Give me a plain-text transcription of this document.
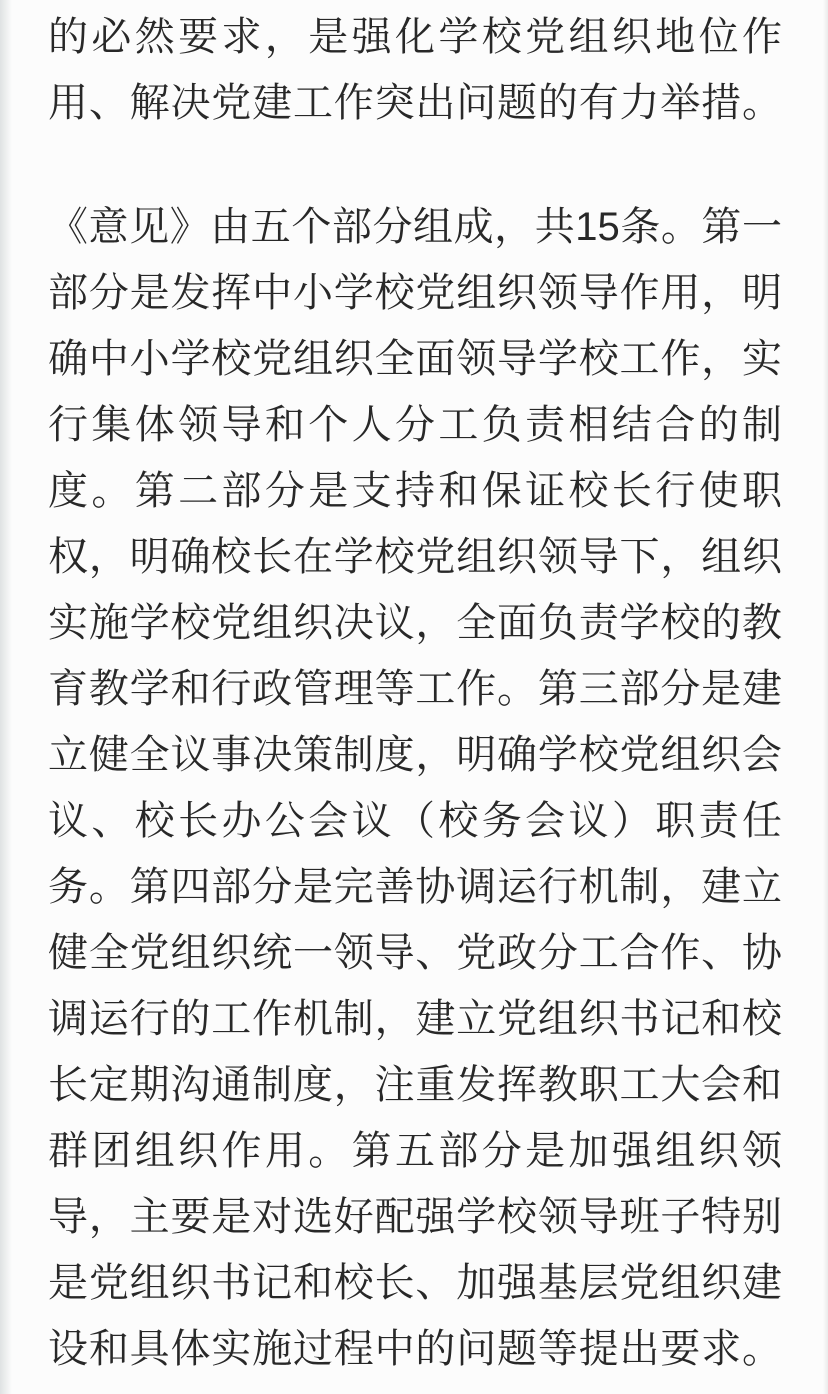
的必然要求，是强化学校党组织地位作
用、解决党建工作突出问题的有力举措。

《意见》由五个部分组成，共15条。第一
部分是发挥中小学校党组织领导作用，明
确中小学校党组织全面领导学校工作，实
行集体领导和个人分工负责相结合的制
度。第二部分是支持和保证校长行使职
权，明确校长在学校党组织领导下，组织
实施学校党组织决议，全面负责学校的教
育教学和行政管理等工作。第三部分是建
立健全议事决策制度，明确学校党组织会
议、校长办公会议（校务会议）职责任
务。第四部分是完善协调运行机制，建立
健全党组织统一领导、党政分工合作、协
调运行的工作机制，建立党组织书记和校
长定期沟通制度，注重发挥教职工大会和
群团组织作用。第五部分是加强组织领
导，主要是对选好配强学校领导班子特别
是党组织书记和校长、加强基层党组织建
设和具体实施过程中的问题等提出要求。
